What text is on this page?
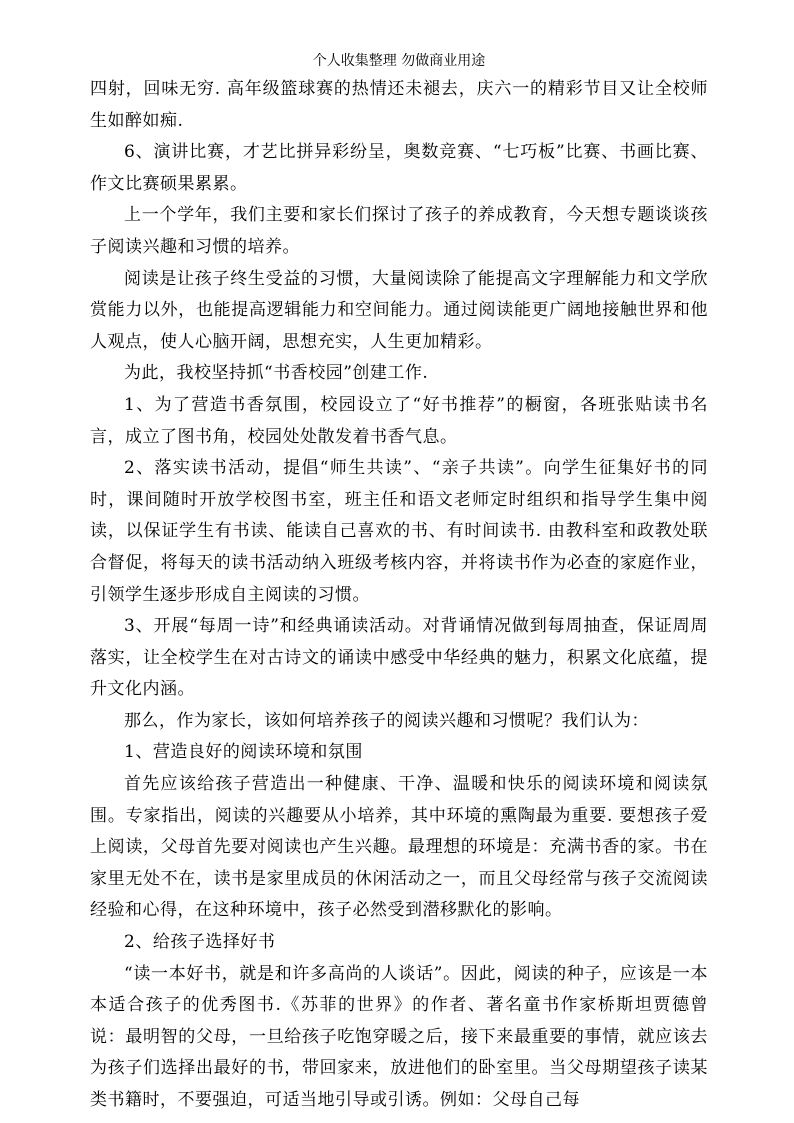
个人收集整理 勿做商业用途

四射，回味无穷. 高年级篮球赛的热情还未褪去，庆六一的精彩节目又让全校师生如醉如痴.

6、演讲比赛，才艺比拼异彩纷呈，奥数竞赛、“七巧板”比赛、书画比赛、作文比赛硕果累累。

上一个学年，我们主要和家长们探讨了孩子的养成教育，今天想专题谈谈孩子阅读兴趣和习惯的培养。

阅读是让孩子终生受益的习惯，大量阅读除了能提高文字理解能力和文学欣赏能力以外，也能提高逻辑能力和空间能力。通过阅读能更广阔地接触世界和他人观点，使人心脑开阔，思想充实，人生更加精彩。

为此，我校坚持抓“书香校园”创建工作.

1、为了营造书香氛围，校园设立了“好书推荐”的橱窗，各班张贴读书名言，成立了图书角，校园处处散发着书香气息。

2、落实读书活动，提倡“师生共读”、“亲子共读”。向学生征集好书的同时，课间随时开放学校图书室，班主任和语文老师定时组织和指导学生集中阅读，以保证学生有书读、能读自己喜欢的书、有时间读书. 由教科室和政教处联合督促，将每天的读书活动纳入班级考核内容，并将读书作为必查的家庭作业，引领学生逐步形成自主阅读的习惯。

3、开展“每周一诗”和经典诵读活动。对背诵情况做到每周抽查，保证周周落实，让全校学生在对古诗文的诵读中感受中华经典的魅力，积累文化底蕴，提升文化内涵。

那么，作为家长，该如何培养孩子的阅读兴趣和习惯呢？我们认为：

1、营造良好的阅读环境和氛围

首先应该给孩子营造出一种健康、干净、温暖和快乐的阅读环境和阅读氛围。专家指出，阅读的兴趣要从小培养，其中环境的熏陶最为重要. 要想孩子爱上阅读，父母首先要对阅读也产生兴趣。最理想的环境是：充满书香的家。书在家里无处不在，读书是家里成员的休闲活动之一，而且父母经常与孩子交流阅读经验和心得，在这种环境中，孩子必然受到潜移默化的影响。

2、给孩子选择好书

“读一本好书，就是和许多高尚的人谈话”。因此，阅读的种子，应该是一本本适合孩子的优秀图书.《苏菲的世界》的作者、著名童书作家桥斯坦贾德曾说：最明智的父母，一旦给孩子吃饱穿暖之后，接下来最重要的事情，就应该去为孩子们选择出最好的书，带回家来，放进他们的卧室里。当父母期望孩子读某类书籍时，不要强迫，可适当地引导或引诱。例如：父母自己每
